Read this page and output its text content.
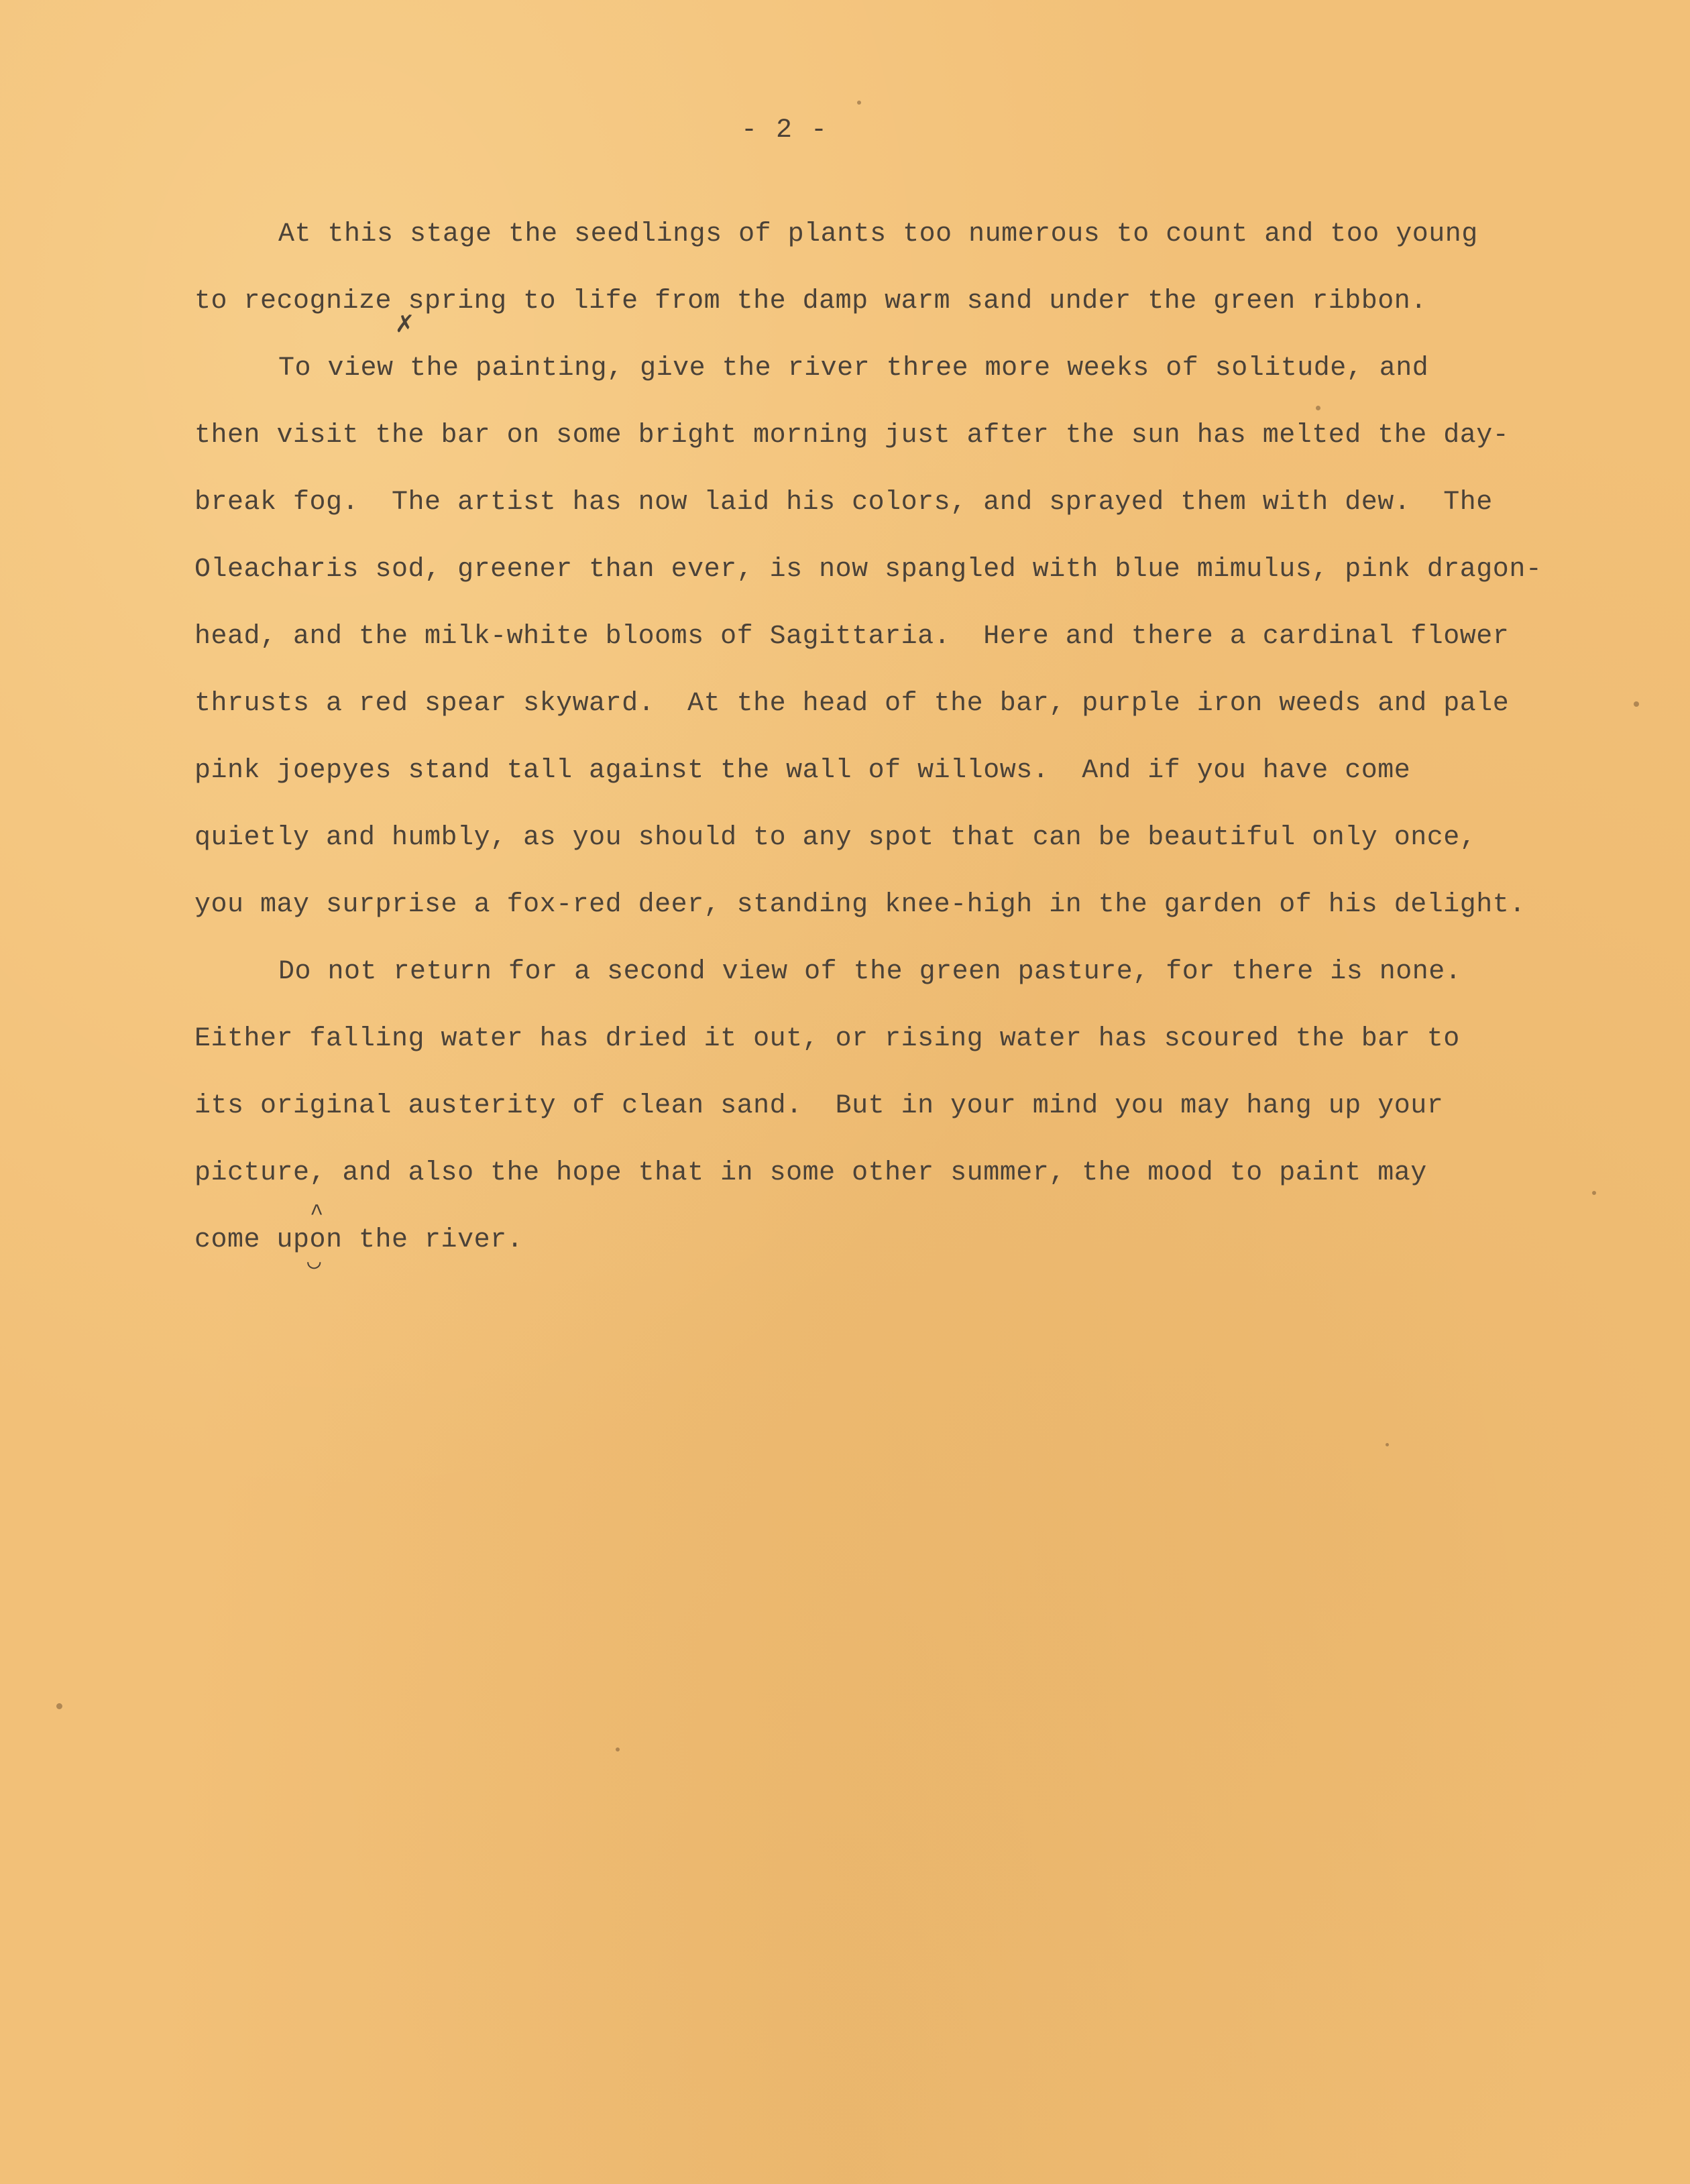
- 2 -
At this stage the seedlings of plants too numerous to count and too young
to recognize spring to life from the damp warm sand under the green ribbon.
To view the painting, give the river three more weeks of solitude, and
then visit the bar on some bright morning just after the sun has melted the day-
break fog.  The artist has now laid his colors, and sprayed them with dew.  The
Oleacharis sod, greener than ever, is now spangled with blue mimulus, pink dragon-
head, and the milk-white blooms of Sagittaria.  Here and there a cardinal flower
thrusts a red spear skyward.  At the head of the bar, purple iron weeds and pale
pink joepyes stand tall against the wall of willows.  And if you have come
quietly and humbly, as you should to any spot that can be beautiful only once,
you may surprise a fox-red deer, standing knee-high in the garden of his delight.
Do not return for a second view of the green pasture, for there is none.
Either falling water has dried it out, or rising water has scoured the bar to
its original austerity of clean sand.  But in your mind you may hang up your
picture, and also the hope that in some other summer, the mood to paint may
come upon the river.
✗
^
◡
